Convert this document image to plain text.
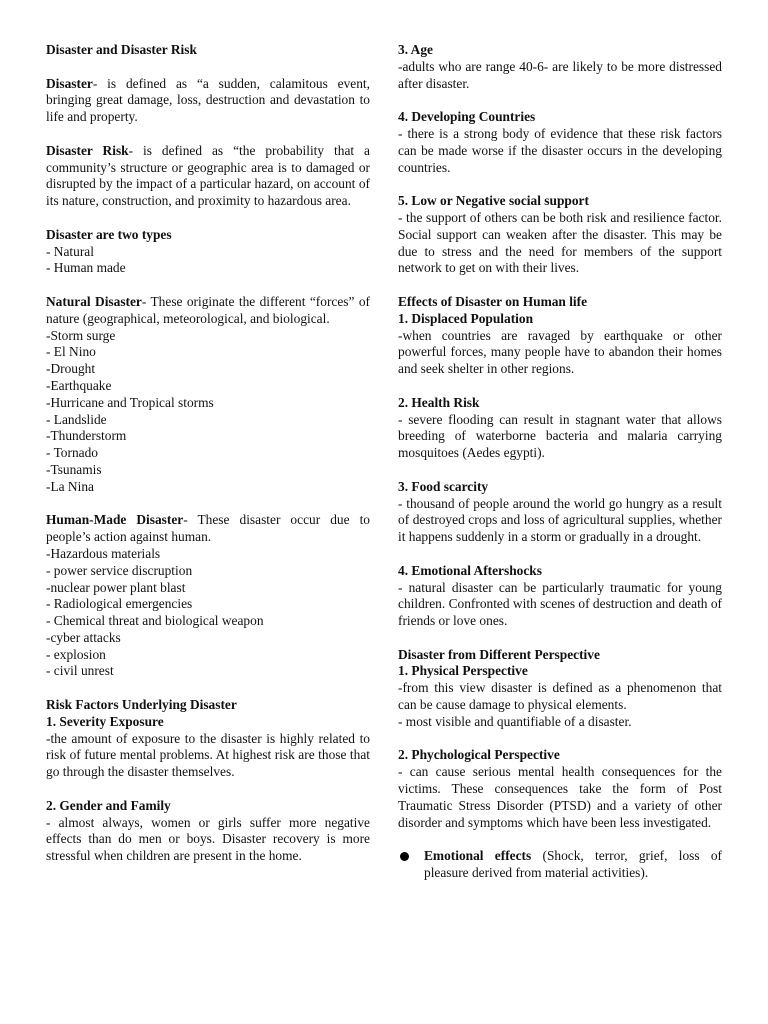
Disaster and Disaster Risk

Disaster- is defined as “a sudden, calamitous event, bringing great damage, loss, destruction and devastation to life and property.

Disaster Risk- is defined as “the probability that a community’s structure or geographic area is to damaged or disrupted by the impact of a particular hazard, on account of its nature, construction, and proximity to hazardous area.

Disaster are two types
- Natural
- Human made

Natural Disaster- These originate the different “forces” of nature (geographical, meteorological, and biological.

-Storm surge
- El Nino
-Drought
-Earthquake
-Hurricane and Tropical storms
- Landslide
-Thunderstorm
- Tornado
-Tsunamis
-La Nina

Human-Made Disaster- These disaster occur due to people’s action against human.

-Hazardous materials
- power service discruption
-nuclear power plant blast
- Radiological emergencies
- Chemical threat and biological weapon
-cyber attacks
- explosion
- civil unrest
Risk Factors Underlying Disaster
1. Severity Exposure

-the amount of exposure to the disaster is highly related to risk of future mental problems. At highest risk are those that go through the disaster themselves.

2. Gender and Family

- almost always, women or girls suffer more negative effects than do men or boys. Disaster recovery is more stressful when children are present in the home.

3. Age

-adults who are range 40-6- are likely to be more distressed after disaster.

4. Developing Countries

- there is a strong body of evidence that these risk factors can be made worse if the disaster occurs in the developing countries.

5. Low or Negative social support

- the support of others can be both risk and resilience factor. Social support can weaken after the disaster. This may be due to stress and the need for members of the support network to get on with their lives.

Effects of Disaster on Human life
1. Displaced Population

-when countries are ravaged by earthquake or other powerful forces, many people have to abandon their homes and seek shelter in other regions.

2. Health Risk

- severe flooding can result in stagnant water that allows breeding of waterborne bacteria and malaria carrying mosquitoes (Aedes egypti).

3. Food scarcity

- thousand of people around the world go hungry as a result of destroyed crops and loss of agricultural supplies, whether it happens suddenly in a storm or gradually in a drought.

4. Emotional Aftershocks

- natural disaster can be particularly traumatic for young children. Confronted with scenes of destruction and death of friends or love ones.

Disaster from Different Perspective
1. Physical Perspective

-from this view disaster is defined as a phenomenon that can be cause damage to physical elements.

- most visible and quantifiable of a disaster.
2. Phychological Perspective

- can cause serious mental health consequences for the victims. These consequences take the form of Post Traumatic Stress Disorder (PTSD) and a variety of other disorder and symptoms which have been less investigated.

Emotional effects (Shock, terror, grief, loss of pleasure derived from material activities).
